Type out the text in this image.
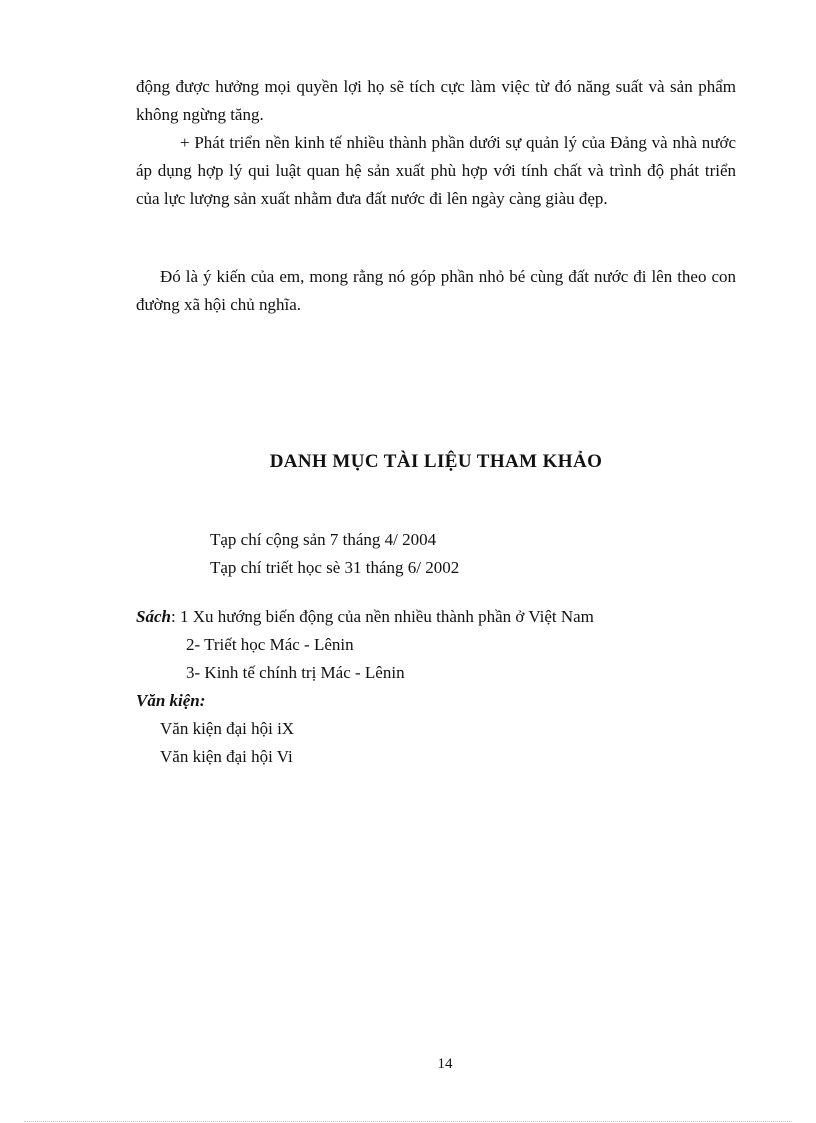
động được hưởng mọi quyền lợi họ sẽ tích cực làm việc từ đó năng suất và sản phẩm không ngừng tăng.

+ Phát triển nền kinh tế nhiều thành phần dưới sự quản lý của Đảng và nhà nước áp dụng hợp lý qui luật quan hệ sản xuất phù hợp với tính chất và trình độ phát triển của lực lượng sản xuất nhằm đưa đất nước đi lên ngày càng giàu đẹp.

Đó là ý kiến của em, mong rằng nó góp phần nhỏ bé cùng đất nước đi lên theo con đường xã hội chủ nghĩa.

DANH MỤC TÀI LIỆU THAM KHẢO

Tạp chí cộng sản 7 tháng 4/ 2004

Tạp chí triết học sè 31 tháng 6/ 2002

Sách: 1 Xu hướng biến động của nền nhiều thành phần ở Việt Nam

2- Triết học Mác - Lênin

3- Kinh tế chính trị Mác - Lênin

Văn kiện:

Văn kiện đại hội iX

Văn kiện đại hội Vi

14
